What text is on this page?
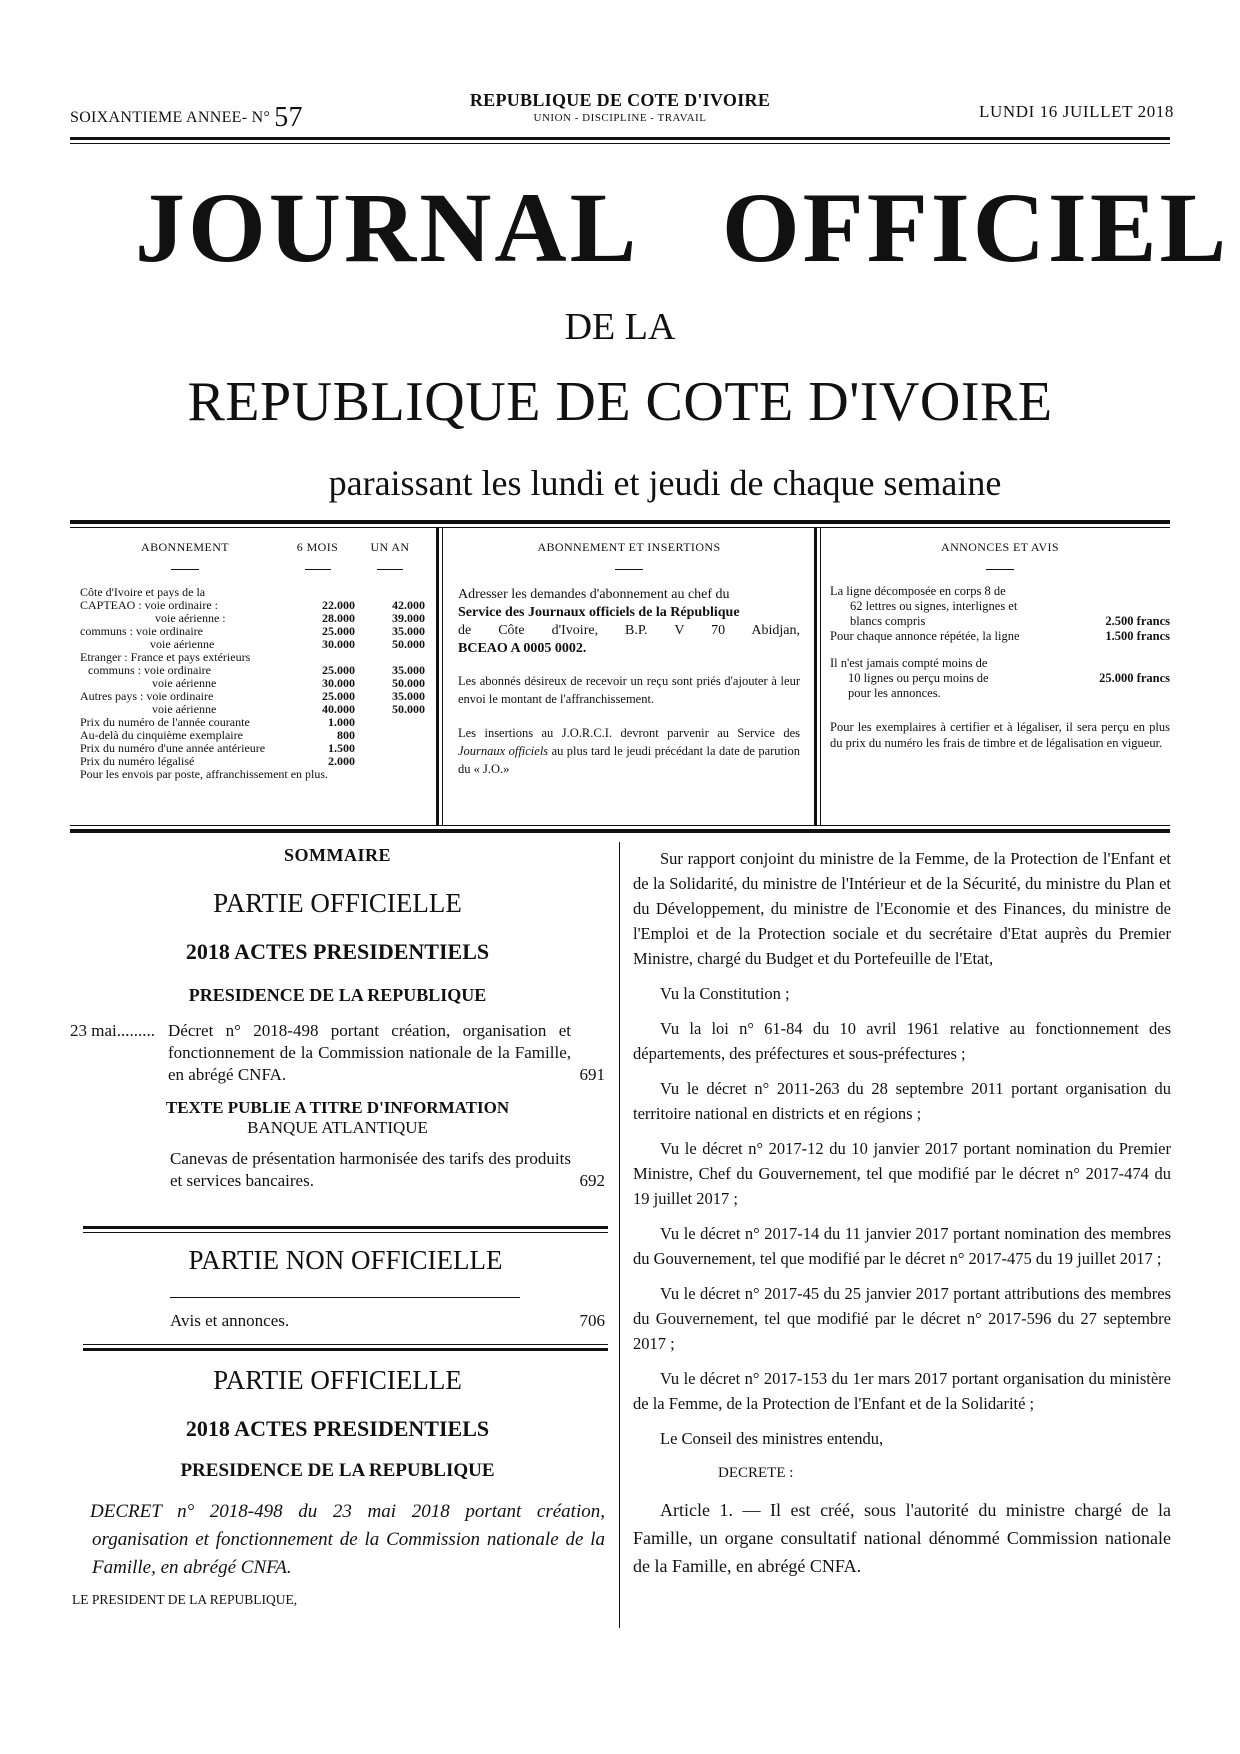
SOIXANTIEME ANNEE- N° 57
REPUBLIQUE DE COTE D'IVOIRE
UNION - DISCIPLINE - TRAVAIL	LUNDI 16 JUILLET 2018
JOURNAL OFFICIEL
DE LA
REPUBLIQUE DE COTE D'IVOIRE
paraissant les lundi et jeudi de chaque semaine
ABONNEMENT	6 MOIS	UN AN
Côte d'Ivoire et pays de la
CAPTEAO : voie ordinaire :	22.000	42.000
voie aérienne :	28.000	39.000
communs : voie ordinaire	25.000	35.000
voie aérienne	30.000	50.000
Etranger : France et pays extérieurs
communs : voie ordinaire	25.000	35.000
voie aérienne	30.000	50.000
Autres pays : voie ordinaire	25.000	35.000
voie aérienne	40.000	50.000
Prix du numéro de l'année courante	1.000
Au-delà du cinquième exemplaire	800
Prix du numéro d'une année antérieure	1.500
Prix du numéro légalisé	2.000
Pour les envois par poste, affranchissement en plus.
ABONNEMENT ET INSERTIONS
Adresser les demandes d'abonnement au chef du
Service des Journaux officiels de la République
de Côte d'Ivoire, B.P. V 70 Abidjan,
BCEAO A 0005 0002.
Les abonnés désireux de recevoir un reçu sont priés d'ajouter à leur envoi le montant de l'affranchissement.
Les insertions au J.O.R.C.I. devront parvenir au Service des Journaux officiels au plus tard le jeudi précédant la date de parution du « J.O.»
ANNONCES ET AVIS
La ligne décomposée en corps 8 de
62 lettres ou signes, interlignes et
blancs compris	2.500 francs
Pour chaque annonce répétée, la ligne	1.500 francs
Il n'est jamais compté moins de
10 lignes ou perçu moins de	25.000 francs
pour les annonces.
Pour les exemplaires à certifier et à légaliser, il sera perçu en plus du prix du numéro les frais de timbre et de légalisation en vigueur.
SOMMAIRE
PARTIE OFFICIELLE
2018 ACTES PRESIDENTIELS
PRESIDENCE DE LA REPUBLIQUE
23 mai......... Décret n° 2018-498 portant création, organisation et fonctionnement de la Commission nationale de la Famille, en abrégé CNFA.	691
TEXTE PUBLIE A TITRE D'INFORMATION
BANQUE ATLANTIQUE
Canevas de présentation harmonisée des tarifs des produits et services bancaires.	692
PARTIE NON OFFICIELLE
Avis et annonces.	706
PARTIE OFFICIELLE
2018 ACTES PRESIDENTIELS
PRESIDENCE DE LA REPUBLIQUE
DECRET n° 2018-498 du 23 mai 2018 portant création, organisation et fonctionnement de la Commission nationale de la Famille, en abrégé CNFA.
LE PRESIDENT DE LA REPUBLIQUE,

Sur rapport conjoint du ministre de la Femme, de la Protection de l'Enfant et de la Solidarité, du ministre de l'Intérieur et de la Sécurité, du ministre du Plan et du Développement, du ministre de l'Economie et des Finances, du ministre de l'Emploi et de la Protection sociale et du secrétaire d'Etat auprès du Premier Ministre, chargé du Budget et du Portefeuille de l'Etat,

Vu la Constitution ;

Vu la loi n° 61-84 du 10 avril 1961 relative au fonctionnement des départements, des préfectures et sous-préfectures ;

Vu le décret n° 2011-263 du 28 septembre 2011 portant organisation du territoire national en districts et en régions ;

Vu le décret n° 2017-12 du 10 janvier 2017 portant nomination du Premier Ministre, Chef du Gouvernement, tel que modifié par le décret n° 2017-474 du 19 juillet 2017 ;

Vu le décret n° 2017-14 du 11 janvier 2017 portant nomination des membres du Gouvernement, tel que modifié par le décret n° 2017-475 du 19 juillet 2017 ;

Vu le décret n° 2017-45 du 25 janvier 2017 portant attributions des membres du Gouvernement, tel que modifié par le décret n° 2017-596 du 27 septembre 2017 ;

Vu le décret n° 2017-153 du 1er mars 2017 portant organisation du ministère de la Femme, de la Protection de l'Enfant et de la Solidarité ;

Le Conseil des ministres entendu,

DECRETE :

Article 1. — Il est créé, sous l'autorité du ministre chargé de la Famille, un organe consultatif national dénommé Commission nationale de la Famille, en abrégé CNFA.
